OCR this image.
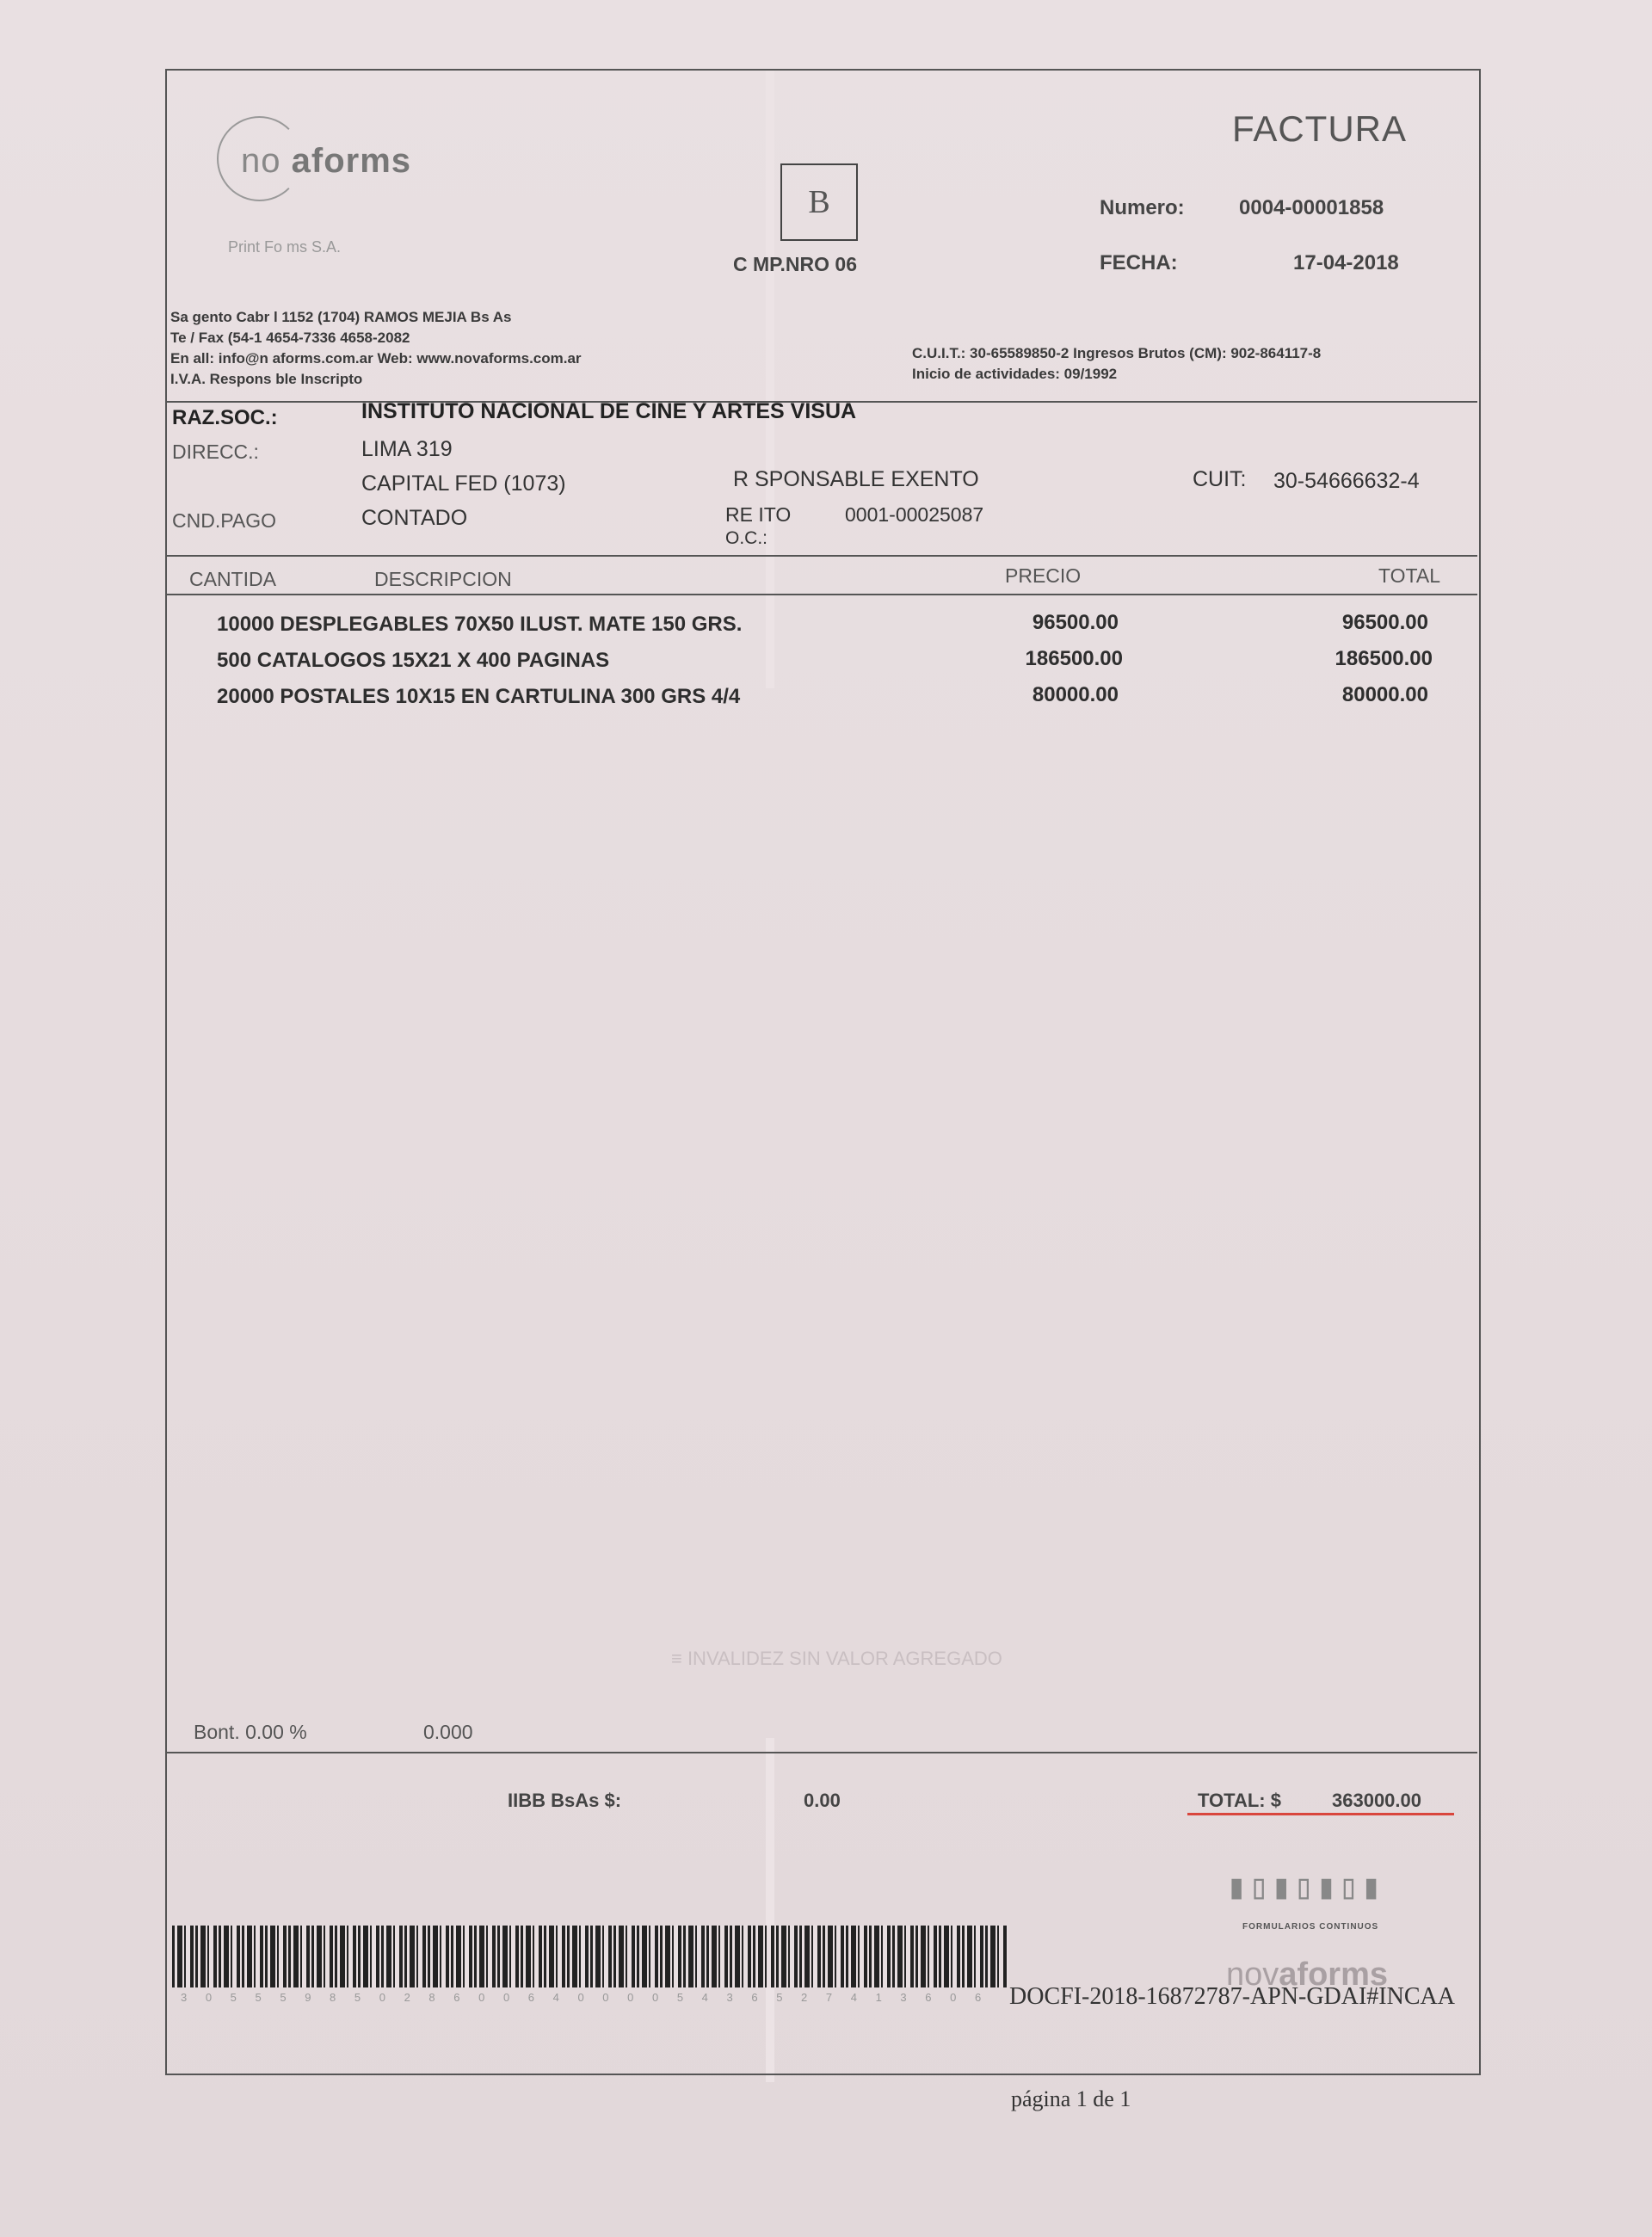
no aforms
Print Fo ms S.A.
FACTURA
B
C MP.NRO 06
Numero:	0004-00001858
FECHA:	17-04-2018
Sa gento Cabr l 1152 (1704) RAMOS MEJIA Bs As
Te / Fax (54-1 4654-7336 4658-2082
En all: info@n aforms.com.ar Web: www.novaforms.com.ar
I.V.A. Respons ble Inscripto
C.U.I.T.: 30-65589850-2 Ingresos Brutos (CM): 902-864117-8
Inicio de actividades: 09/1992
RAZ.SOC.:	INSTITUTO NACIONAL DE CINE Y ARTES VISUA
DIRECC.:	LIMA 319
CAPITAL FED (1073)	R SPONSABLE EXENTO	CUIT: 30-54666632-4
CND.PAGO	CONTADO	RE ITO	0001-00025087
O.C.:
CANTIDA	DESCRIPCION	PRECIO	TOTAL
10000 DESPLEGABLES 70X50 ILUST. MATE 150 GRS.	96500.00	96500.00
500 CATALOGOS 15X21 X 400 PAGINAS	186500.00	186500.00
20000 POSTALES 10X15 EN CARTULINA 300 GRS 4/4	80000.00	80000.00
≡ INVALIDEZ SIN VALOR AGREGADO
Bont. 0.00 %	0.000
IIBB BsAs $:	0.00	TOTAL: $	363000.00
▮▯▮▯▮▯▮
FORMULARIOS CONTINUOS
novaforms
3 0 5 5 5 9 8 5 0 2 8 6 0 0 6 4 0 0 0 0 5 4 3 6 5 2 7 4 1 3 6 0 6 DOCFI-2018-16872787-APN-GDAI#INCAA
página 1 de 1
